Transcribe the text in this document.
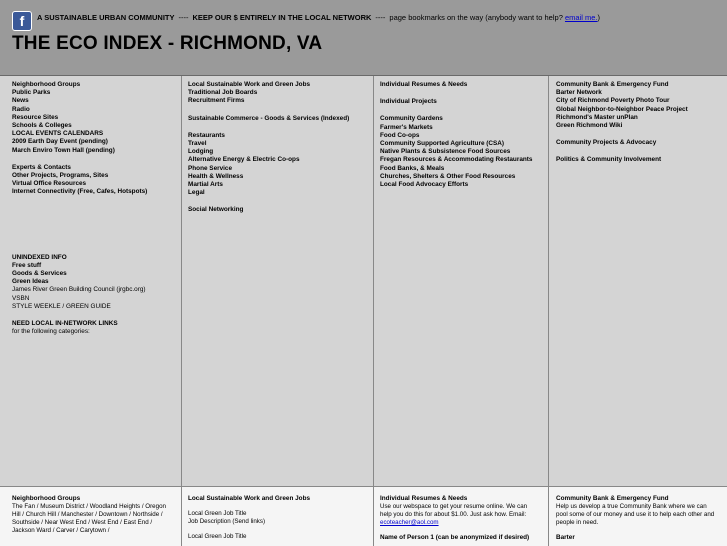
f	A SUSTAINABLE URBAN COMMUNITY ---- KEEP OUR $ ENTIRELY IN THE LOCAL NETWORK ---- page bookmarks on the way (anybody want to help? email me.)
THE ECO INDEX - RICHMOND, VA
Neighborhood Groups
Public Parks
News
Radio
Resource Sites
Schools & Colleges
LOCAL EVENTS CALENDARS
2009 Earth Day Event (pending)
March Enviro Town Hall (pending)
Experts & Contacts
Other Projects, Programs, Sites
Virtual Office Resources
Internet Connectivity (Free, Cafes, Hotspots)
UNINDEXED INFO
Free stuff
Goods & Services
Green Ideas
James River Green Building Council (jrgbc.org)
VSBN
STYLE WEEKLE / GREEN GUIDE
NEED LOCAL IN-NETWORK LINKS
for the following categories:
Local Sustainable Work and Green Jobs
Traditional Job Boards
Recruitment Firms
Sustainable Commerce - Goods & Services (Indexed)
Restaurants
Travel
Lodging
Alternative Energy & Electric Co-ops
Phone Service
Health & Wellness
Martial Arts
Legal
Social Networking
Individual Resumes & Needs
Individual Projects
Community Gardens
Farmer's Markets
Food Co-ops
Community Supported Agriculture (CSA)
Native Plants & Subsistence Food Sources
Fregan Resources & Accommodating Restaurants
Food Banks, & Meals
Churches, Shelters & Other Food Resources
Local Food Advocacy Efforts
Community Bank & Emergency Fund
Barter Network
City of Richmond Poverty Photo Tour
Global Neighbor-to-Neighbor Peace Project
Richmond's Master unPlan
Green Richmond Wiki
Community Projects & Advocacy
Politics & Community Involvement
Neighborhood Groups
The Fan / Museum District / Woodland Heights / Oregon Hill / Church Hill / Manchester / Downtown / Northside / Southside / Near West End / West End / East End / Jackson Ward / Carver / Carytown /
Local Sustainable Work and Green Jobs
Local Green Job Title
Job Description (Send links)
Local Green Job Title
Individual Resumes & Needs
Use our webspace to get your resume online. We can help you do this for about $1.00. Just ask how. Email: ecoteacher@aol.com
Name of Person 1 (can be anonymized if desired)
Community Bank & Emergency Fund
Help us develop a true Community Bank where we can pool some of our money and use it to help each other and people in need.
Barter
